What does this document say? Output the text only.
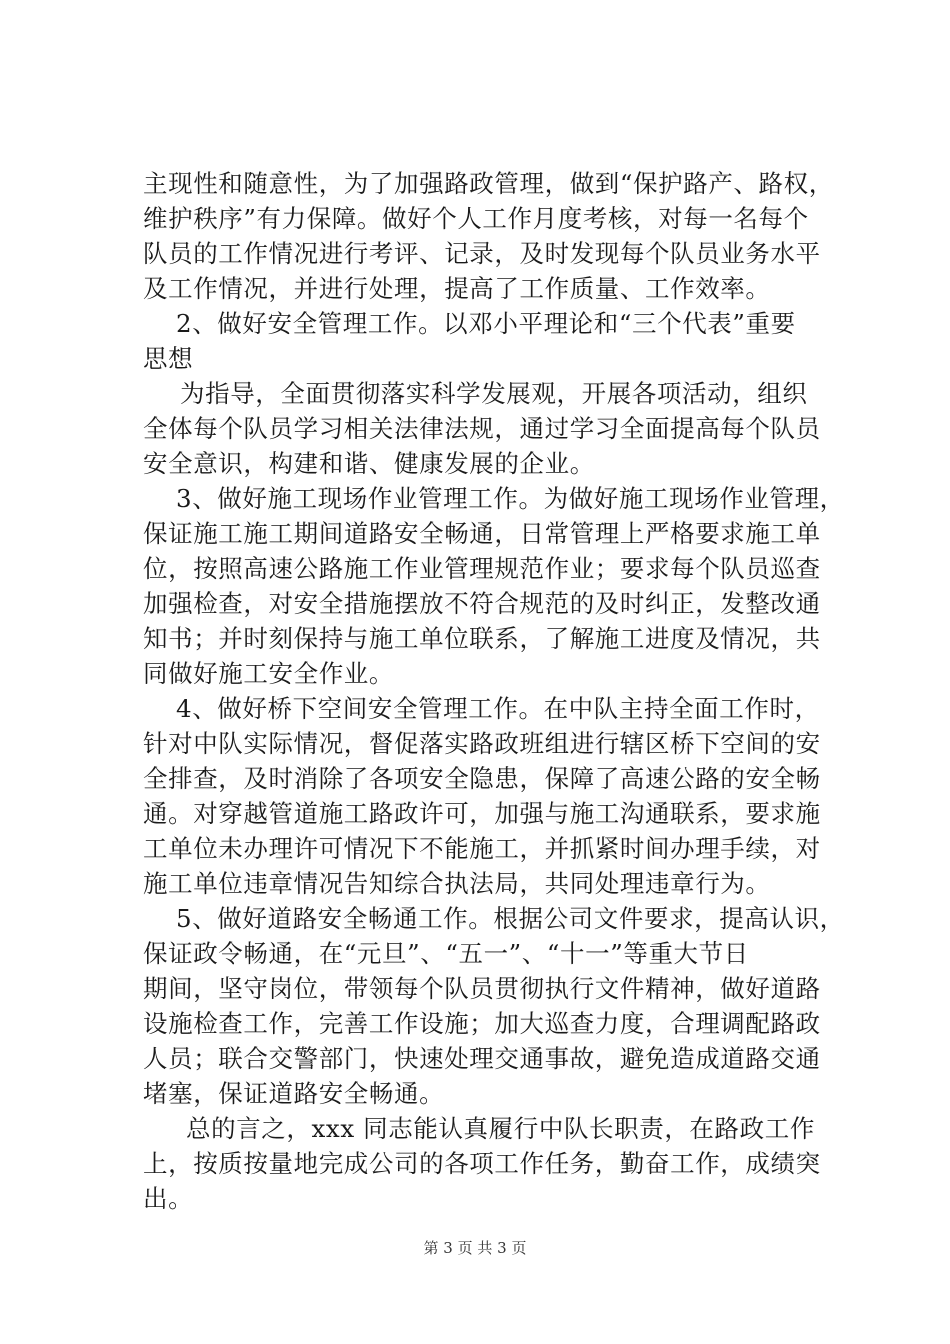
主现性和随意性，为了加强路政管理，做到“保护路产、路权，
维护秩序”有力保障。做好个人工作月度考核，对每一名每个
队员的工作情况进行考评、记录，及时发现每个队员业务水平
及工作情况，并进行处理，提高了工作质量、工作效率。
2、做好安全管理工作。以邓小平理论和“三个代表”重要
思想
为指导，全面贯彻落实科学发展观，开展各项活动，组织
全体每个队员学习相关法律法规，通过学习全面提高每个队员
安全意识，构建和谐、健康发展的企业。
3、做好施工现场作业管理工作。为做好施工现场作业管理，
保证施工施工期间道路安全畅通，日常管理上严格要求施工单
位，按照高速公路施工作业管理规范作业；要求每个队员巡查
加强检查，对安全措施摆放不符合规范的及时纠正，发整改通
知书；并时刻保持与施工单位联系，了解施工进度及情况，共
同做好施工安全作业。
4、做好桥下空间安全管理工作。在中队主持全面工作时，
针对中队实际情况，督促落实路政班组进行辖区桥下空间的安
全排查，及时消除了各项安全隐患，保障了高速公路的安全畅
通。对穿越管道施工路政许可，加强与施工沟通联系，要求施
工单位未办理许可情况下不能施工，并抓紧时间办理手续，对
施工单位违章情况告知综合执法局，共同处理违章行为。
5、做好道路安全畅通工作。根据公司文件要求，提高认识，
保证政令畅通，在“元旦”、“五一”、“十一”等重大节日
期间，坚守岗位，带领每个队员贯彻执行文件精神，做好道路
设施检查工作，完善工作设施；加大巡查力度，合理调配路政
人员；联合交警部门，快速处理交通事故，避免造成道路交通
堵塞，保证道路安全畅通。
总的言之，xxx 同志能认真履行中队长职责，在路政工作
上，按质按量地完成公司的各项工作任务，勤奋工作，成绩突
出。
第 3 页 共 3 页
